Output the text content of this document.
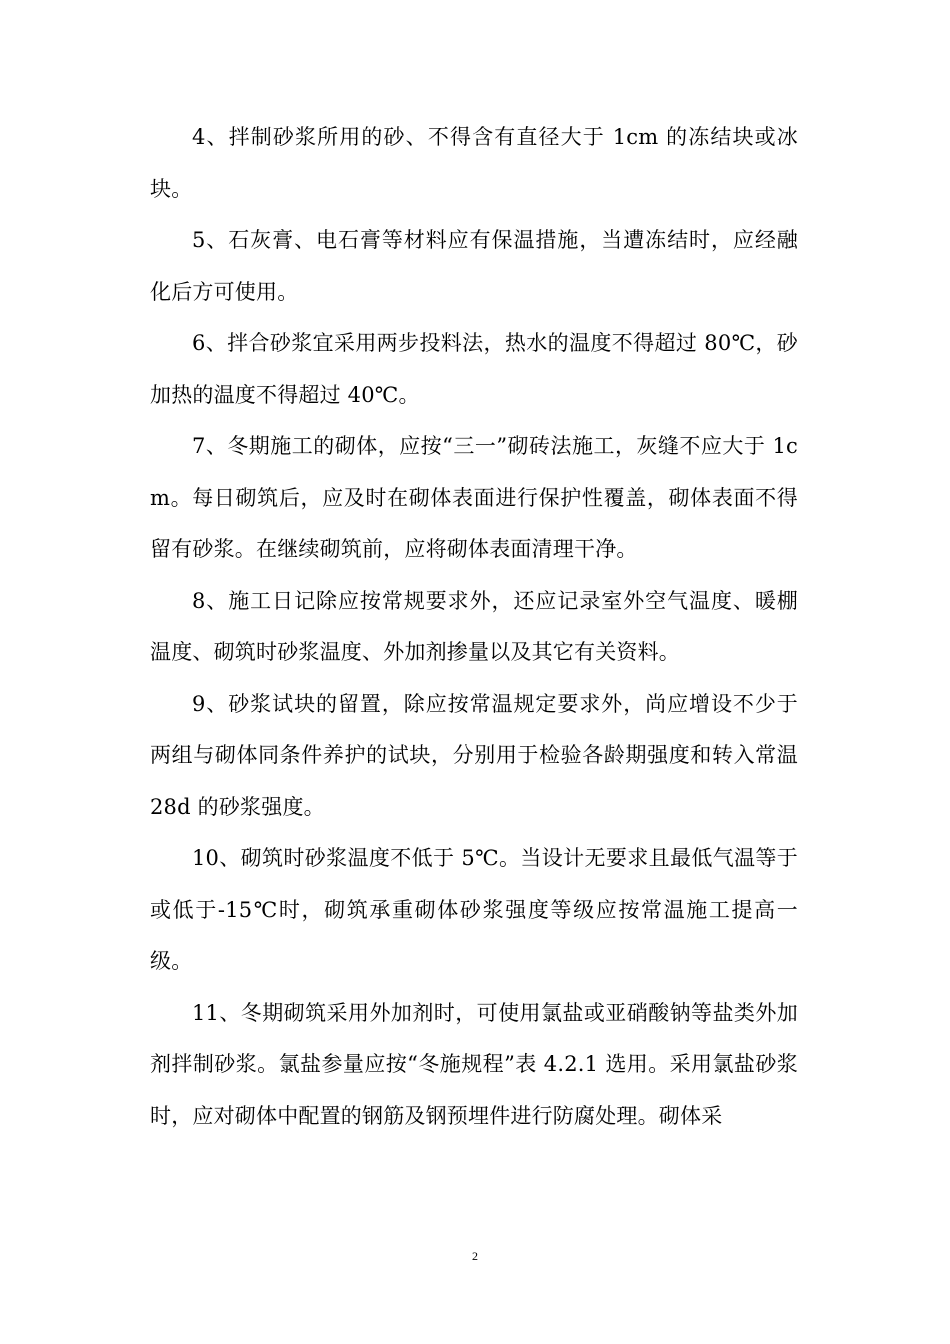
4、拌制砂浆所用的砂、不得含有直径大于 1cm 的冻结块或冰块。

5、石灰膏、电石膏等材料应有保温措施，当遭冻结时，应经融化后方可使用。

6、拌合砂浆宜采用两步投料法，热水的温度不得超过 80℃，砂加热的温度不得超过 40℃。

7、冬期施工的砌体，应按“三一”砌砖法施工，灰缝不应大于 1cm。每日砌筑后，应及时在砌体表面进行保护性覆盖，砌体表面不得留有砂浆。在继续砌筑前，应将砌体表面清理干净。

8、施工日记除应按常规要求外，还应记录室外空气温度、暖棚温度、砌筑时砂浆温度、外加剂掺量以及其它有关资料。

9、砂浆试块的留置，除应按常温规定要求外，尚应增设不少于两组与砌体同条件养护的试块，分别用于检验各龄期强度和转入常温 28d 的砂浆强度。

10、砌筑时砂浆温度不低于 5℃。当设计无要求且最低气温等于或低于-15℃时，砌筑承重砌体砂浆强度等级应按常温施工提高一级。

11、冬期砌筑采用外加剂时，可使用氯盐或亚硝酸钠等盐类外加剂拌制砂浆。氯盐参量应按“冬施规程”表 4.2.1 选用。采用氯盐砂浆时，应对砌体中配置的钢筋及钢预埋件进行防腐处理。砌体采

2
